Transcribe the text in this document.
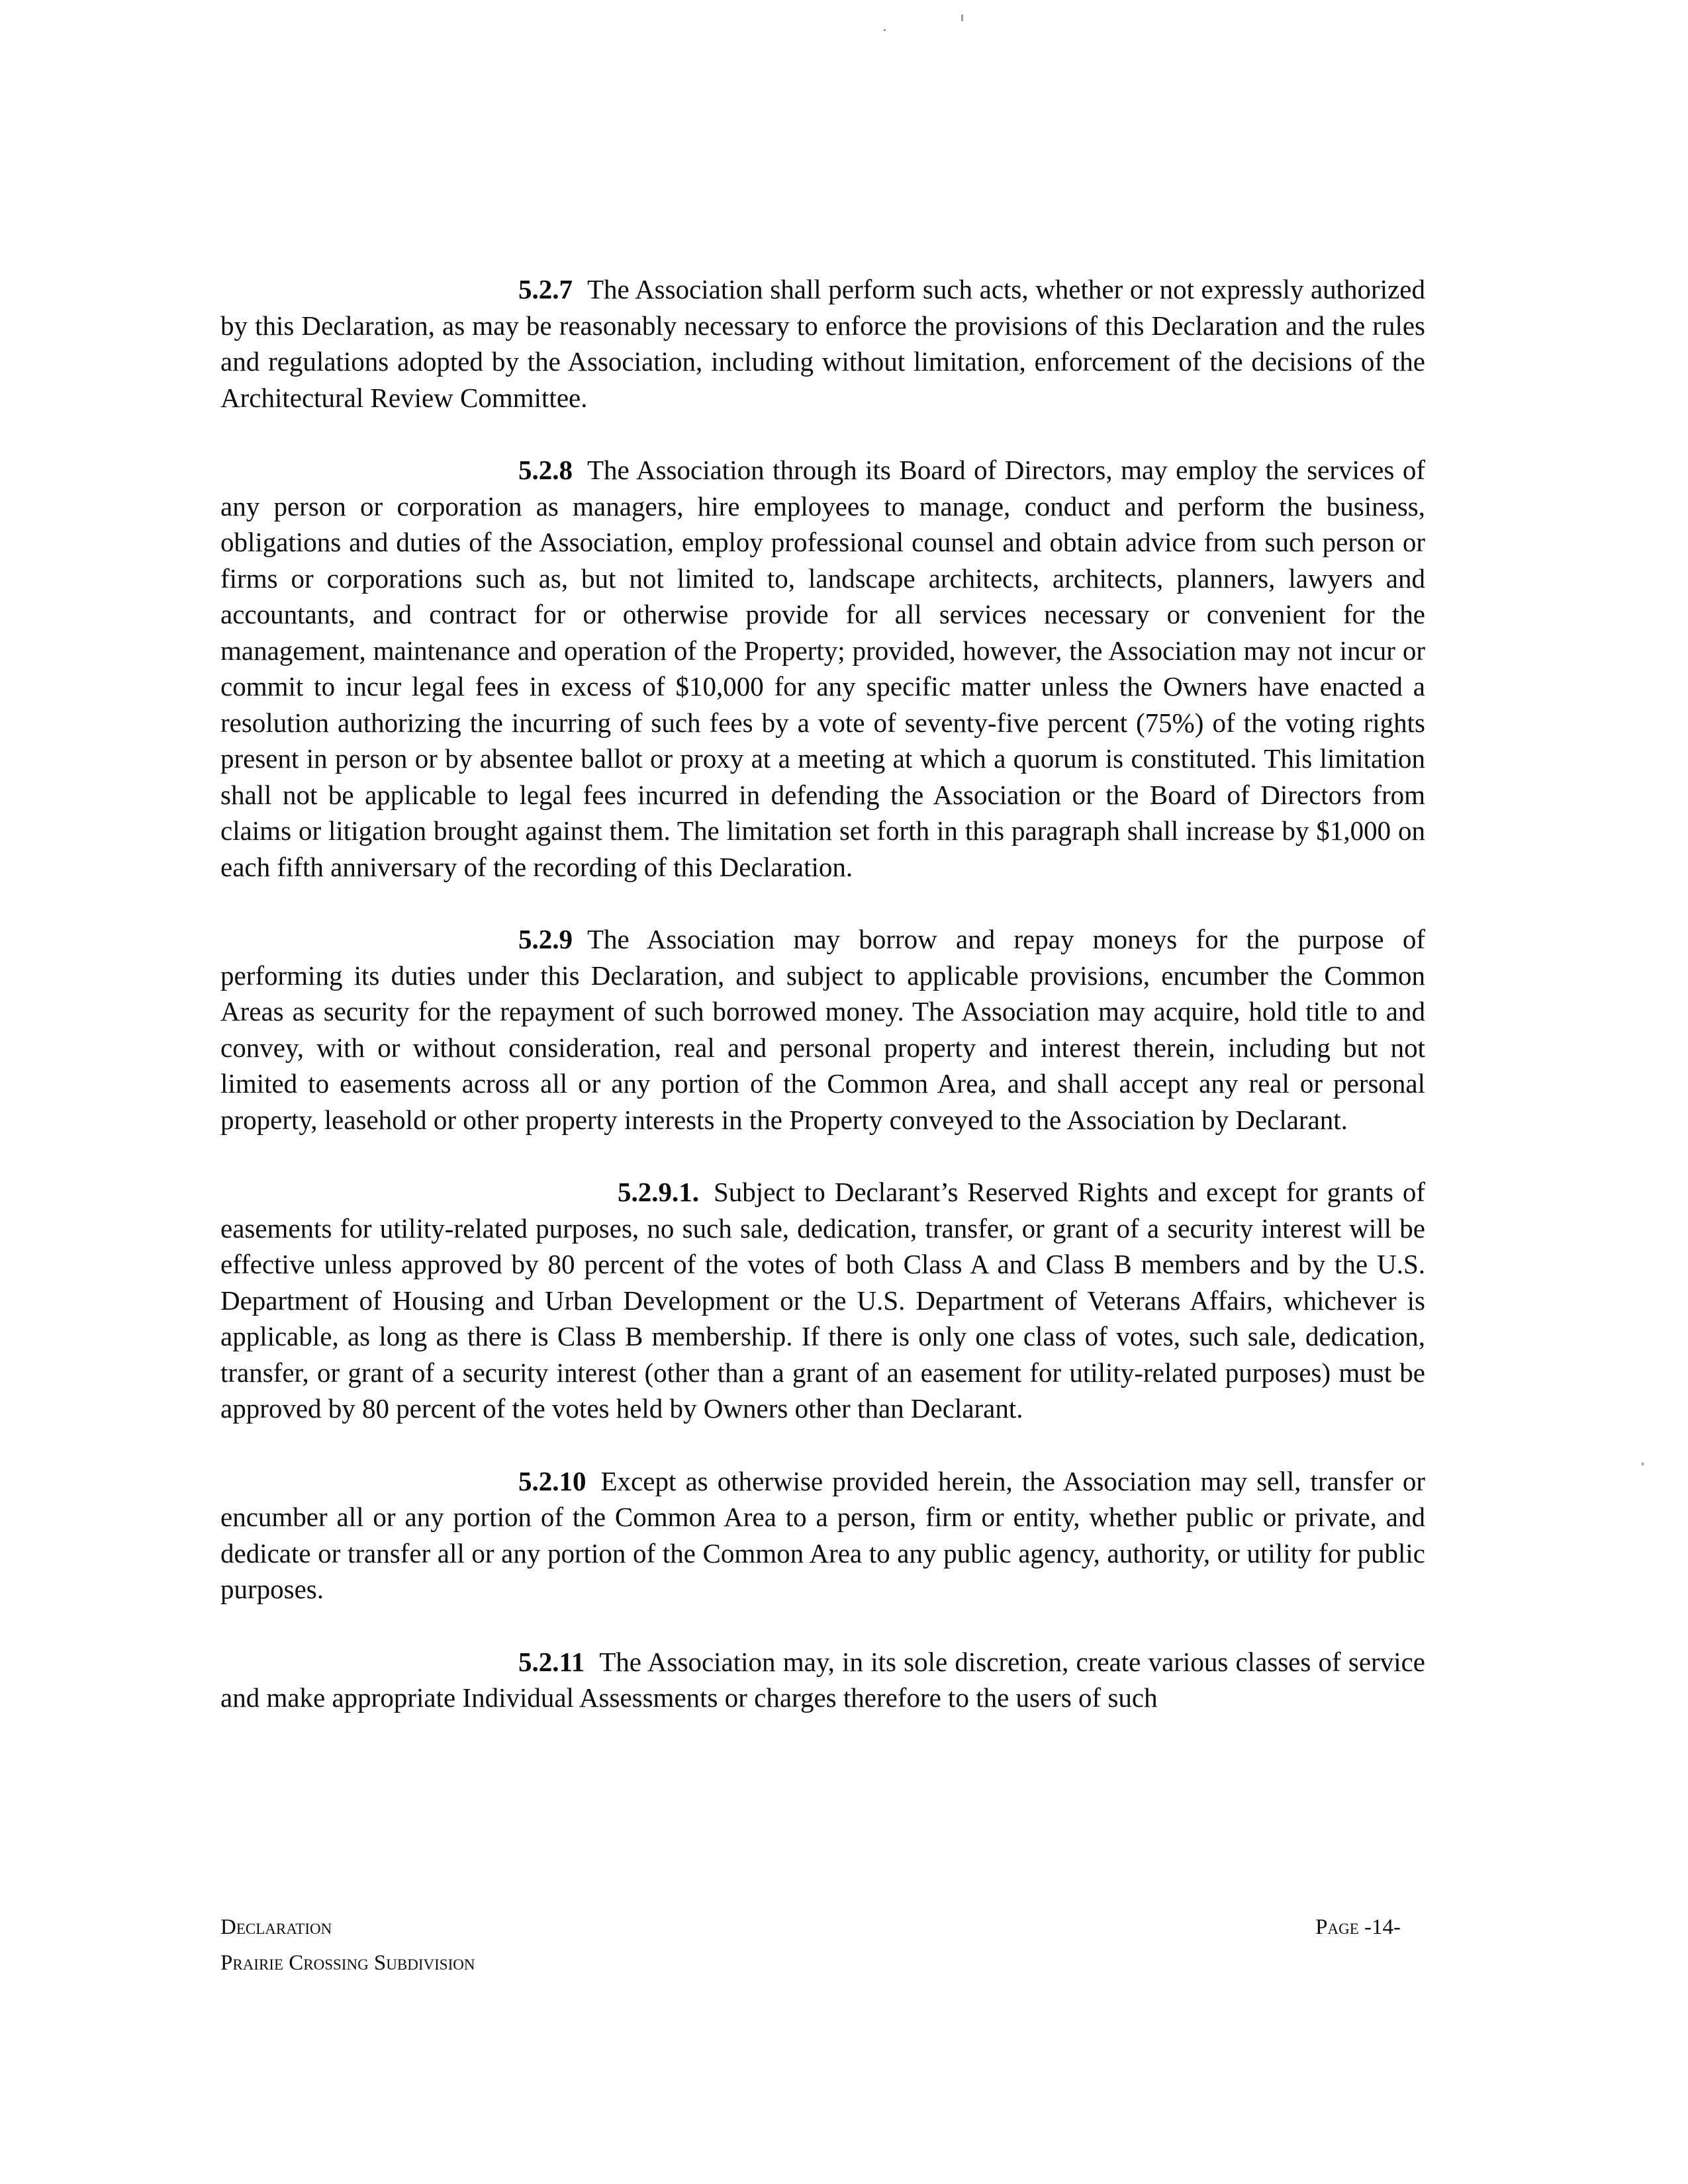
5.2.7 The Association shall perform such acts, whether or not expressly authorized by this Declaration, as may be reasonably necessary to enforce the provisions of this Declaration and the rules and regulations adopted by the Association, including without limitation, enforcement of the decisions of the Architectural Review Committee.

5.2.8 The Association through its Board of Directors, may employ the services of any person or corporation as managers, hire employees to manage, conduct and perform the business, obligations and duties of the Association, employ professional counsel and obtain advice from such person or firms or corporations such as, but not limited to, landscape architects, architects, planners, lawyers and accountants, and contract for or otherwise provide for all services necessary or convenient for the management, maintenance and operation of the Property; provided, however, the Association may not incur or commit to incur legal fees in excess of $10,000 for any specific matter unless the Owners have enacted a resolution authorizing the incurring of such fees by a vote of seventy-five percent (75%) of the voting rights present in person or by absentee ballot or proxy at a meeting at which a quorum is constituted. This limitation shall not be applicable to legal fees incurred in defending the Association or the Board of Directors from claims or litigation brought against them. The limitation set forth in this paragraph shall increase by $1,000 on each fifth anniversary of the recording of this Declaration.

5.2.9 The Association may borrow and repay moneys for the purpose of performing its duties under this Declaration, and subject to applicable provisions, encumber the Common Areas as security for the repayment of such borrowed money. The Association may acquire, hold title to and convey, with or without consideration, real and personal property and interest therein, including but not limited to easements across all or any portion of the Common Area, and shall accept any real or personal property, leasehold or other property interests in the Property conveyed to the Association by Declarant.

5.2.9.1. Subject to Declarant’s Reserved Rights and except for grants of easements for utility-related purposes, no such sale, dedication, transfer, or grant of a security interest will be effective unless approved by 80 percent of the votes of both Class A and Class B members and by the U.S. Department of Housing and Urban Development or the U.S. Department of Veterans Affairs, whichever is applicable, as long as there is Class B membership. If there is only one class of votes, such sale, dedication, transfer, or grant of a security interest (other than a grant of an easement for utility-related purposes) must be approved by 80 percent of the votes held by Owners other than Declarant.

5.2.10 Except as otherwise provided herein, the Association may sell, transfer or encumber all or any portion of the Common Area to a person, firm or entity, whether public or private, and dedicate or transfer all or any portion of the Common Area to any public agency, authority, or utility for public purposes.

5.2.11 The Association may, in its sole discretion, create various classes of service and make appropriate Individual Assessments or charges therefore to the users of such

Declaration
Prairie Crossing Subdivision
Page -14-
